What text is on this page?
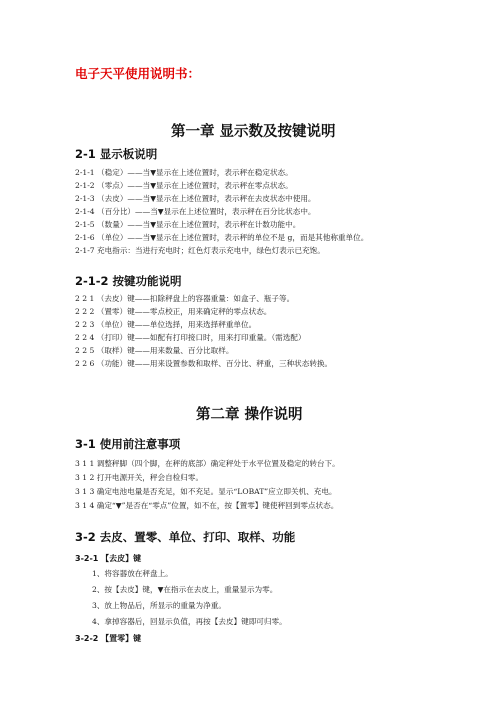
电子天平使用说明书：
第一章 显示数及按键说明
2-1 显示板说明
2-1-1 （稳定）——当▼显示在上述位置时，表示秤在稳定状态。
2-1-2 （零点）——当▼显示在上述位置时，表示秤在零点状态。
2-1-3 （去皮）——当▼显示在上述位置时，表示秤在去皮状态中使用。
2-1-4 （百分比）——当▼显示在上述位置时，表示秤在百分比状态中。
2-1-5 （数量）——当▼显示在上述位置时，表示秤在计数功能中。
2-1-6 （单位）——当▼显示在上述位置时，表示秤的单位不是 g，而是其他称重单位。
2-1-7 充电指示：当进行充电时；红色灯表示充电中，绿色灯表示已充饱。
2-1-2 按键功能说明
2 2 1 （去皮）键——扣除秤盘上的容器重量：如盒子、瓶子等。
2 2 2 （置零）键——零点校正，用来确定秤的零点状态。
2 2 3 （单位）键——单位选择，用来选择秤重单位。
2 2 4 （打印）键——如配有打印接口时，用来打印重量。（需选配）
2 2 5 （取样）键——用来数量、百分比取样。
2 2 6 （功能）键——用来设置参数和取样、百分比、秤重，三种状态转换。
第二章 操作说明
3-1 使用前注意事项
3 1 1 调整秤脚（四个脚，在秤的底部）确定秤处于水平位置及稳定的转台下。
3 1 2 打开电源开关，秤会自检归零。
3 1 3 确定电池电量是否充足，如不充足。显示“LOBAT”应立即关机、充电。
3 1 4 确定“▼”是否在“零点”位置，如不在，按【置零】键使秤回到零点状态。
3-2 去皮、置零、单位、打印、取样、功能
3-2-1 【去皮】键
1、将容器放在秤盘上。
2、按【去皮】键，▼在指示在去皮上，重量显示为零。
3、放上物品后，所显示的重量为净重。
4、拿掉容器后，回显示负值，再按【去皮】键即可归零。
3-2-2 【置零】键
